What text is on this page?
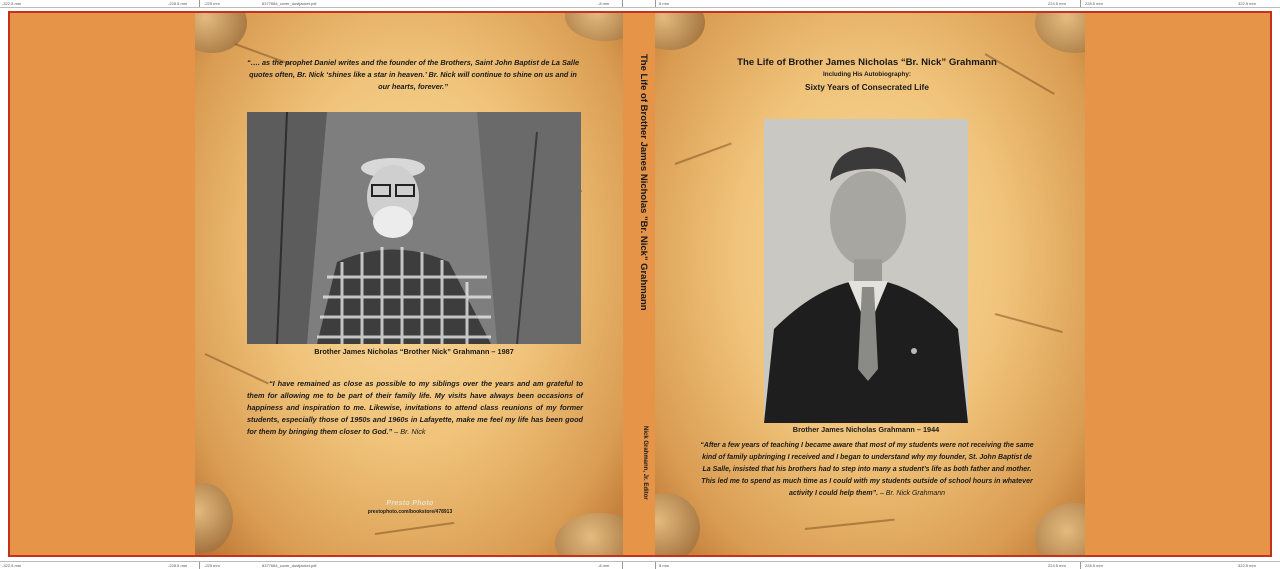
-322.5 mm	-228.5 mm	-225 mm	8377684_cover_dustjacket.pdf	-8 mm	8 mm	224.5 mm	228.5 mm	322.5 mm
“…. as the prophet Daniel writes and the founder of the Brothers, Saint John Baptist de La Salle quotes often, Br. Nick ‘shines like a star in heaven.’ Br. Nick will continue to shine on us and in our hearts, forever.”
Brother James Nicholas “Brother Nick” Grahmann – 1987
“I have remained as close as possible to my siblings over the years and am grateful to them for allowing me to be part of their family life. My visits have always been occasions of happiness and inspiration to me. Likewise, invitations to attend class reunions of my former students, especially those of 1950s and 1960s in Lafayette, make me feel my life has been good for them by bringing them closer to God.” – Br. Nick
Presto Photo
prestophoto.com/bookstore/478913
The Life of Brother James Nicholas "Br. Nick" Grahmann
Nick Grahmann, Jr. Editor
The Life of Brother James Nicholas “Br. Nick” Grahmann
Including His Autobiography:
Sixty Years of Consecrated Life
Brother James Nicholas Grahmann – 1944
“After a few years of teaching I became aware that most of my students were not receiving the same kind of family upbringing I received and I began to understand why my founder, St. John Baptist de La Salle, insisted that his brothers had to step into many a student’s life as both father and mother. This led me to spend as much time as I could with my students outside of school hours in whatever activity I could help them”. – Br. Nick Grahmann
-322.5 mm	-228.5 mm	-225 mm	8377684_cover_dustjacket.pdf	-8 mm	8 mm	224.5 mm	228.5 mm	322.5 mm
